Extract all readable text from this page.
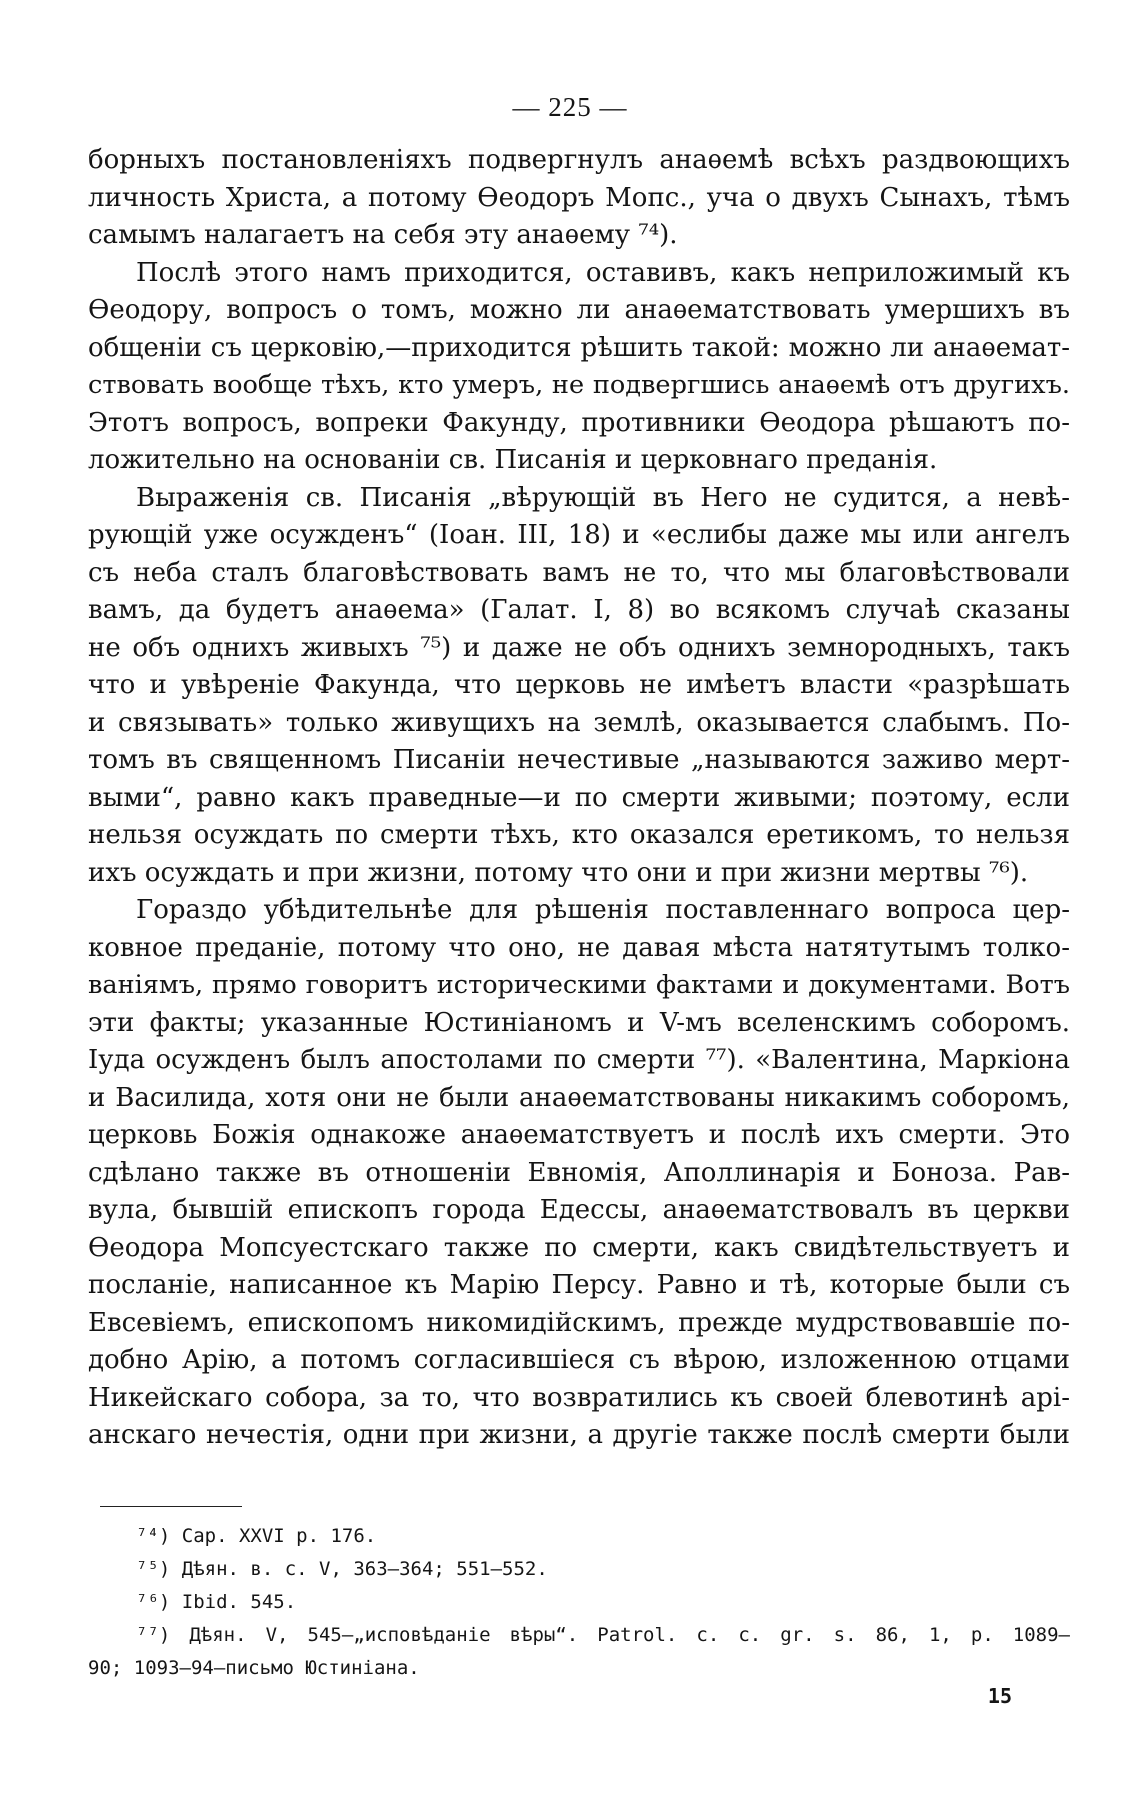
— 225 —
борныхъ постановленіяхъ подвергнулъ анаѳемѣ всѣхъ раздвоющихъ
личность Христа, а потому Ѳеодоръ Мопс., уча о двухъ Сынахъ, тѣмъ
самымъ налагаетъ на себя эту анаѳему ⁷⁴).
Послѣ этого намъ приходится, оставивъ, какъ неприложимый къ
Ѳеодору, вопросъ о томъ, можно ли анаѳематствовать умершихъ въ
общеніи съ церковію,—приходится рѣшить такой: можно ли анаѳемат-
ствовать вообще тѣхъ, кто умеръ, не подвергшись анаѳемѣ отъ другихъ.
Этотъ вопросъ, вопреки Факунду, противники Ѳеодора рѣшаютъ по-
ложительно на основаніи св. Писанія и церковнаго преданія.
Выраженія св. Писанія „вѣрующій въ Него не судится, а невѣ-
рующій уже осужденъ“ (Іоан. III, 18) и «еслибы даже мы или ангелъ
съ неба сталъ благовѣствовать вамъ не то, что мы благовѣствовали
вамъ, да будетъ анаѳема» (Галат. I, 8) во всякомъ случаѣ сказаны
не объ однихъ живыхъ ⁷⁵) и даже не объ однихъ земнородныхъ, такъ
что и увѣреніе Факунда, что церковь не имѣетъ власти «разрѣшать
и связывать» только живущихъ на землѣ, оказывается слабымъ. По-
томъ въ священномъ Писаніи нечестивые „называются заживо мерт-
выми“, равно какъ праведные—и по смерти живыми; поэтому, если
нельзя осуждать по смерти тѣхъ, кто оказался еретикомъ, то нельзя
ихъ осуждать и при жизни, потому что они и при жизни мертвы ⁷⁶).
Гораздо убѣдительнѣе для рѣшенія поставленнаго вопроса цер-
ковное преданіе, потому что оно, не давая мѣста натятутымъ толко-
ваніямъ, прямо говоритъ историческими фактами и документами. Вотъ
эти факты; указанные Юстиніаномъ и V-мъ вселенскимъ соборомъ.
Іуда осужденъ былъ апостолами по смерти ⁷⁷). «Валентина, Маркіона
и Василида, хотя они не были анаѳематствованы никакимъ соборомъ,
церковь Божія однакоже анаѳематствуетъ и послѣ ихъ смерти. Это
сдѣлано также въ отношеніи Евномія, Аполлинарія и Боноза. Рав-
вула, бывшій епископъ города Едессы, анаѳематствовалъ въ церкви
Ѳеодора Мопсуестскаго также по смерти, какъ свидѣтельствуетъ и
посланіе, написанное къ Марію Персу. Равно и тѣ, которые были съ
Евсевіемъ, епископомъ никомидійскимъ, прежде мудрствовавшіе по-
добно Арію, а потомъ согласившіеся съ вѣрою, изложенною отцами
Никейскаго собора, за то, что возвратились къ своей блевотинѣ арі-
анскаго нечестія, одни при жизни, а другіе также послѣ смерти были
⁷⁴) Cap. XXVI p. 176.
⁷⁵) Дѣян. в. с. V, 363—364; 551—552.
⁷⁶) Ibid. 545.
⁷⁷) Дѣян. V, 545—„исповѣданіе вѣры“. Patrol. c. c. gr. s. 86, 1, p. 1089—
90; 1093—94—письмо Юстиніана.
15
